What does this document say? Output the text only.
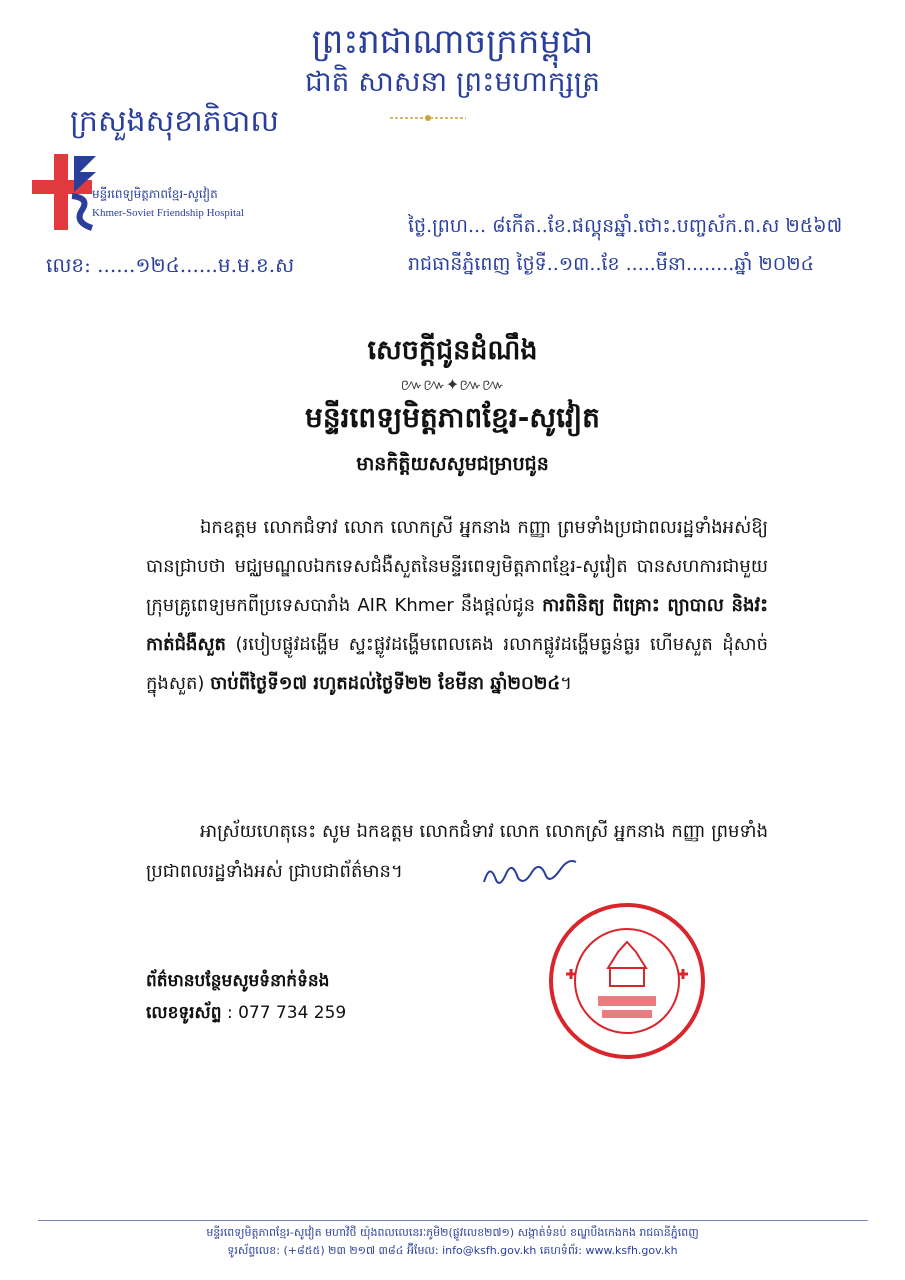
ព្រះរាជាណាចក្រកម្ពុជា
ជាតិ សាសនា ព្រះមហាក្សត្រ
ក្រសួងសុខាភិបាល
មន្ទីរពេទ្យមិត្តភាពខ្មែរ-សូវៀត
Khmer-Soviet Friendship Hospital
លេខ: ......១២៤......ម.ម.ខ.ស
ថ្ងៃ.ព្រហ... ៨កើត..ខែ.ផល្គុនឆ្នាំ.ថោះ.បញ្ចស័ក.ព.ស ២៥៦៧
រាជធានីភ្នំពេញ ថ្ងៃទី..១៣..ខែ .....មីនា........ឆ្នាំ ២០២៤
សេចក្តីជូនដំណឹង
៚៚✦៚៚
មន្ទីរពេទ្យមិត្តភាពខ្មែរ-សូវៀត
មានកិត្តិយសសូមជម្រាបជូន
ឯកឧត្តម លោកជំទាវ លោក លោកស្រី អ្នកនាង កញ្ញា ព្រមទាំងប្រជាពលរដ្ឋទាំងអស់ឱ្យបានជ្រាបថា មជ្ឈមណ្ឌលឯកទេសជំងឺសួតនៃមន្ទីរពេទ្យមិត្តភាពខ្មែរ-សូវៀត បានសហការជាមួយក្រុមគ្រូពេទ្យមកពីប្រទេសបារាំង AIR Khmer នឹងផ្តល់ជូន ការពិនិត្យ ពិគ្រោះ ព្យាបាល និងវះកាត់ជំងឺសួត (របៀបផ្លូវដង្ហើម ស្ទះផ្លូវដង្ហើមពេលគេង រលាកផ្លូវដង្ហើមធ្ងន់ធ្ងរ ហើមសួត ដុំសាច់ក្នុងសួត) ចាប់ពីថ្ងៃទី១៧ រហូតដល់ថ្ងៃទី២២ ខែមីនា ឆ្នាំ២០២៤។
អាស្រ័យហេតុនេះ សូម ឯកឧត្តម លោកជំទាវ លោក លោកស្រី អ្នកនាង កញ្ញា ព្រមទាំងប្រជាពលរដ្ឋទាំងអស់ ជ្រាបជាព័ត៌មាន។
ព័ត៌មានបន្ថែមសូមទំនាក់ទំនង
លេខទូរស័ព្ទ : 077 734 259
មន្ទីរពេទ្យមិត្តភាពខ្មែរ-សូវៀត មហាវិថី យ៉ុងពលលេនេរៈភូមិ២(ផ្លូវលេខ២៧១) សង្កាត់ទំនប់ ខណ្ឌបឹងកេងកង រាជធានីភ្នំពេញ
ទូរស័ព្ទលេខ: (+៨៥៥) ២៣ ២១៧ ៣៨៤ អ៊ីមែល: info@ksfh.gov.kh គេហទំព័រ: www.ksfh.gov.kh
